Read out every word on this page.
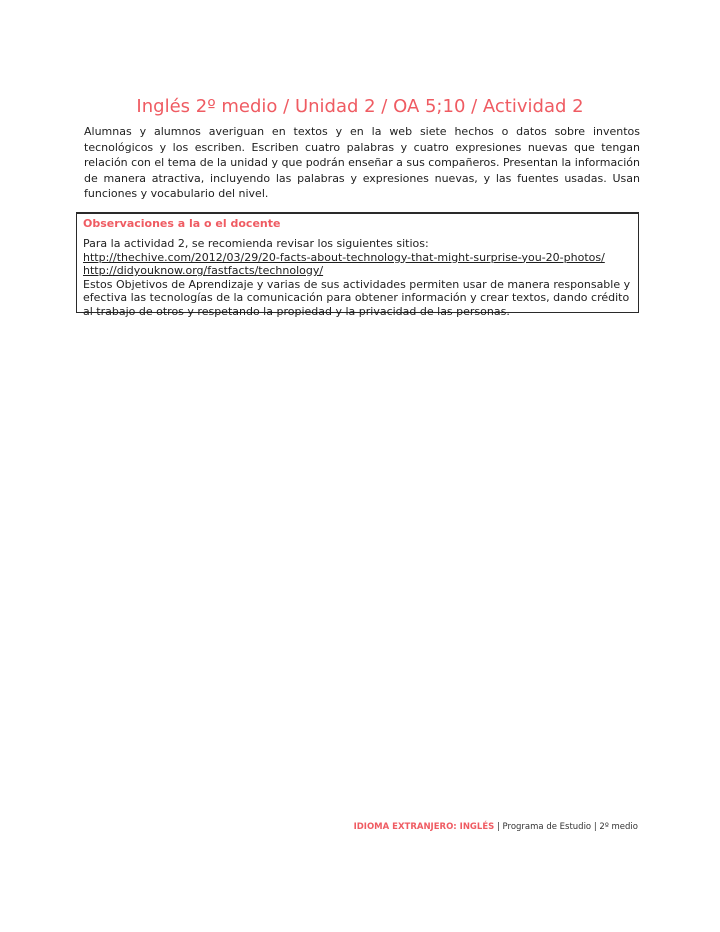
Inglés 2º medio / Unidad 2 / OA 5;10 / Actividad 2

Alumnas y alumnos averiguan en textos y en la web siete hechos o datos sobre inventos tecnológicos y los escriben. Escriben cuatro palabras y cuatro expresiones nuevas que tengan relación con el tema de la unidad y que podrán enseñar a sus compañeros. Presentan la información de manera atractiva, incluyendo las palabras y expresiones nuevas, y las fuentes usadas. Usan funciones y vocabulario del nivel.

Observaciones a la o el docente
Para la actividad 2, se recomienda revisar los siguientes sitios:
http://thechive.com/2012/03/29/20-facts-about-technology-that-might-surprise-you-20-photos/
http://didyouknow.org/fastfacts/technology/
Estos Objetivos de Aprendizaje y varias de sus actividades permiten usar de manera responsable y efectiva las tecnologías de la comunicación para obtener información y crear textos, dando crédito al trabajo de otros y respetando la propiedad y la privacidad de las personas.
IDIOMA EXTRANJERO: INGLÉS | Programa de Estudio | 2º medio
